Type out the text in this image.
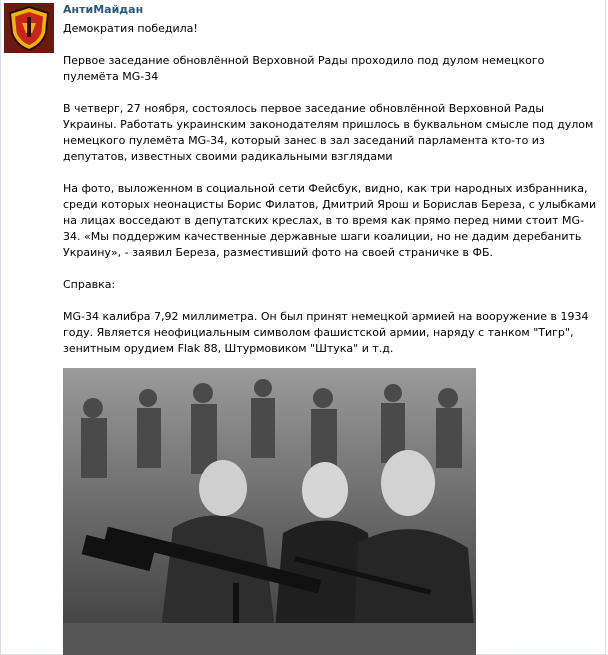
АнтиМайдан

Демократия победила!

Первое заседание обновлённой Верховной Рады проходило под дулом немецкого пулемёта MG-34

В четверг, 27 ноября, состоялось первое заседание обновлённой Верховной Рады Украины. Работать украинским законодателям пришлось в буквальном смысле под дулом немецкого пулемёта MG-34, который занес в зал заседаний парламента кто-то из депутатов, известных своими радикальными взглядами

На фото, выложенном в социальной сети Фейсбук, видно, как три народных избранника, среди которых неонацисты Борис Филатов, Дмитрий Ярош и Борислав Береза, с улыбками на лицах восседают в депутатских креслах, в то время как прямо перед ними стоит MG-34. «Мы поддержим качественные державные шаги коалиции, но не дадим деребанить Украину», - заявил Береза, разместивший фото на своей страничке в ФБ.

Справка:

MG-34 калибра 7,92 миллиметра. Он был принят немецкой армией на вооружение в 1934 году. Является неофициальным символом фашистской армии, наряду с танком "Тигр", зенитным орудием Flak 88, Штурмовиком "Штука" и т.д.
